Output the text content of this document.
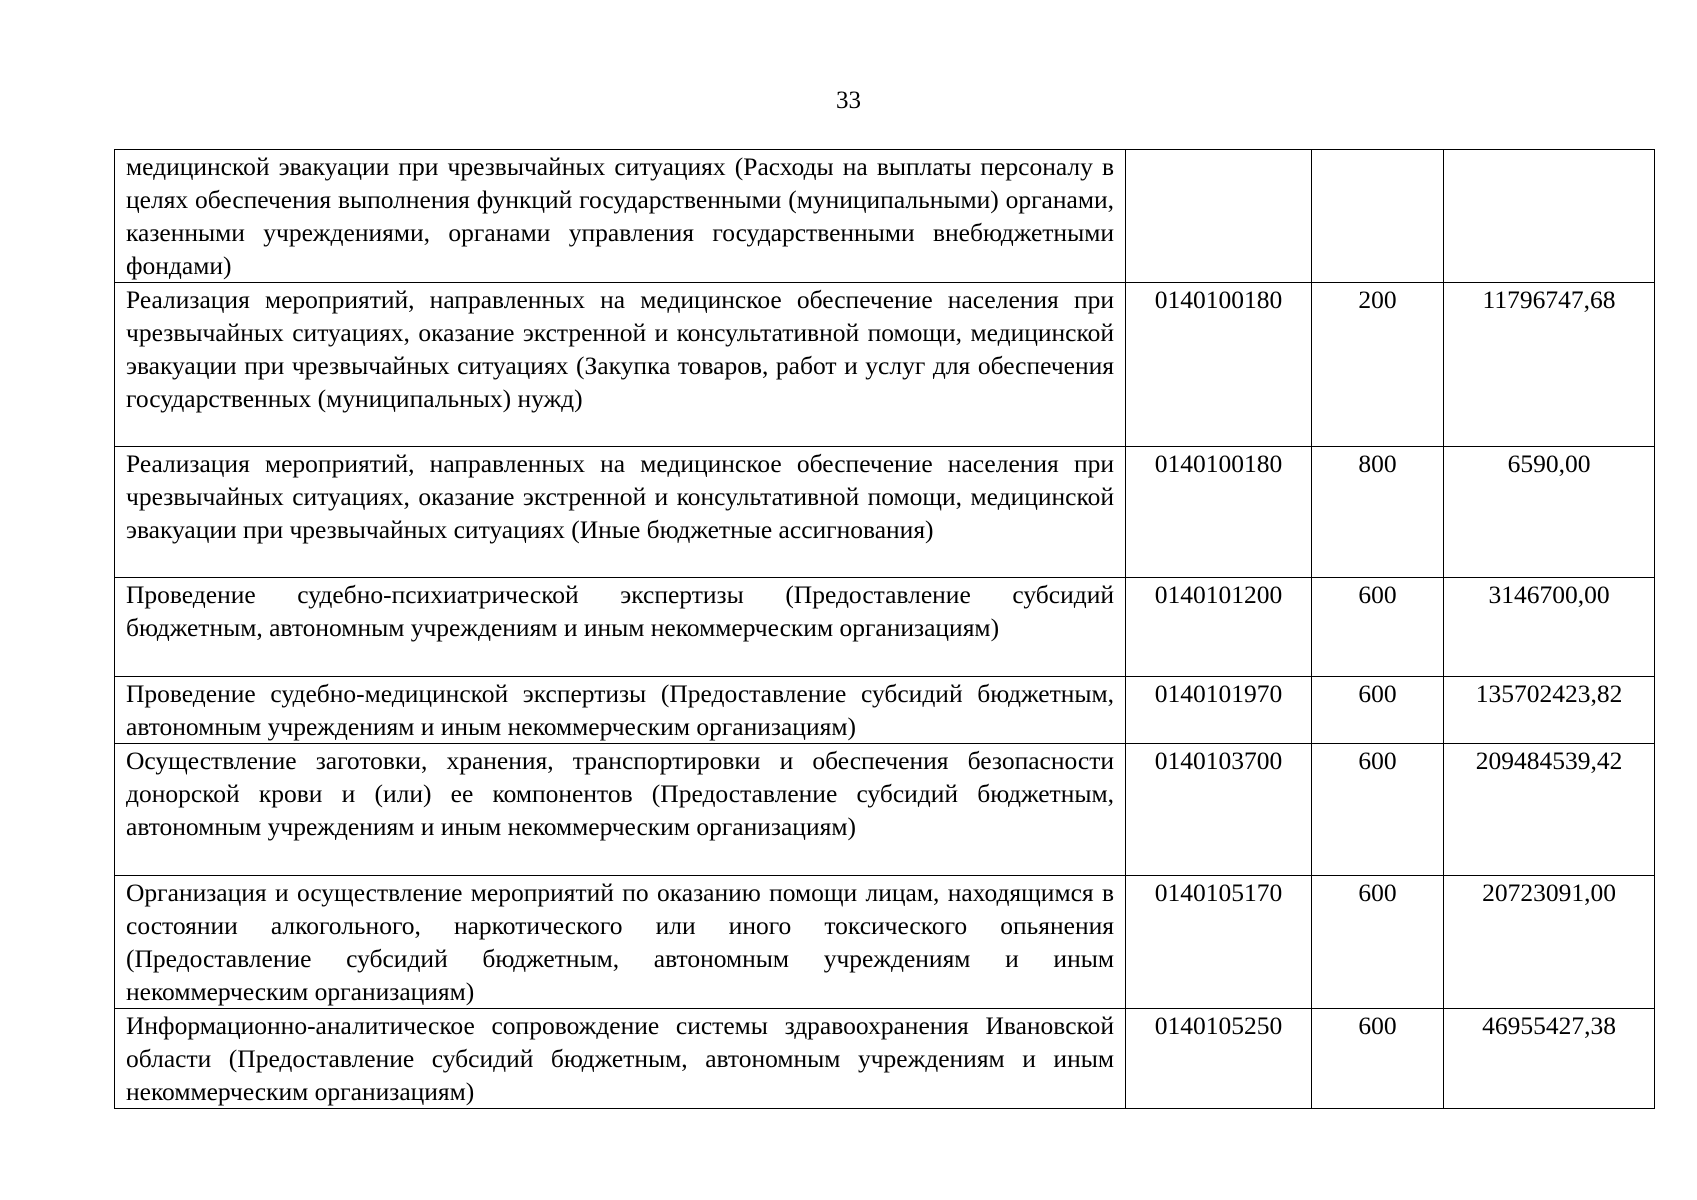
33
медицинской эвакуации при чрезвычайных ситуациях (Расходы на выплаты персоналу в целях обеспечения выполнения функций государственными (муниципальными) органами, казенными учреждениями, органами управления государственными внебюджетными фондами)			
Реализация мероприятий, направленных на медицинское обеспечение населения при чрезвычайных ситуациях, оказание экстренной и консультативной помощи, медицинской эвакуации при чрезвычайных ситуациях (Закупка товаров, работ и услуг для обеспечения государственных (муниципальных) нужд)	0140100180	200	11796747,68
Реализация мероприятий, направленных на медицинское обеспечение населения при чрезвычайных ситуациях, оказание экстренной и консультативной помощи, медицинской эвакуации при чрезвычайных ситуациях (Иные бюджетные ассигнования)	0140100180	800	6590,00
Проведение судебно-психиатрической экспертизы (Предоставление субсидий бюджетным, автономным учреждениям и иным некоммерческим организациям)	0140101200	600	3146700,00
Проведение судебно-медицинской экспертизы (Предоставление субсидий бюджетным, автономным учреждениям и иным некоммерческим организациям)	0140101970	600	135702423,82
Осуществление заготовки, хранения, транспортировки и обеспечения безопасности донорской крови и (или) ее компонентов (Предоставление субсидий бюджетным, автономным учреждениям и иным некоммерческим организациям)	0140103700	600	209484539,42
Организация и осуществление мероприятий по оказанию помощи лицам, находящимся в состоянии алкогольного, наркотического или иного токсического опьянения (Предоставление субсидий бюджетным, автономным учреждениям и иным некоммерческим организациям)	0140105170	600	20723091,00
Информационно-аналитическое сопровождение системы здравоохранения Ивановской области (Предоставление субсидий бюджетным, автономным учреждениям и иным некоммерческим организациям)	0140105250	600	46955427,38
